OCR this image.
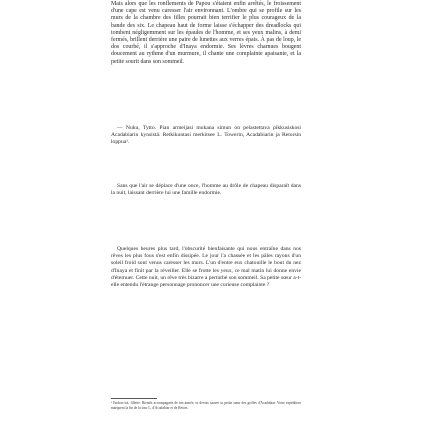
Mais alors que les ronflements de Papou s'étaient enfin arrêtés, le froissement d'une cape est venu caresser l'air environnant. L'ombre qui se profile sur les murs de la chambre des filles pourrait bien terrifier le plus courageux de la bande des six. Le chapeau haut de forme laisse s'échapper des dreadlocks qui tombent négligemment sur les épaules de l'homme, et ses yeux malins, à demi fermés, brillent derrière une paire de lunettes aux verres épais. À pas de loup, le dos courbé, il s'approche d'Inaya endormie. Ses lèvres charnues bougent doucement au rythme d'un murmure, il chante une complainte apaisante, et la petite sourit dans son sommeil.

— Nuku, Tytto. Pian armeijasi mukana simun on pelastettava pikkusiskosi Acadabiarin kynsistä. Retkikuntasi merkitsee L. Towerin, Acadabiarin ja Retorsin loppua¹.

Sans que l'air se déplace d'une once, l'homme au drôle de chapeau disparaît dans la nuit, laissant derrière lui une famille endormie.

Quelques heures plus tard, l'obscurité bienfaisante qui nous entraîne dans nos rêves les plus fous s'est enfin dissipée. Le jour l'a chassée et les pâles rayons d'un soleil froid sont venus caresser les murs. L'un d'entre eux chatouille le bout du nez d'Inaya et finit par la réveiller. Elle se frotte les yeux, ce mal matin lui donne envie d'éternuer. Cette nuit, un rêve très bizarre a perturbé son sommeil. Sa petite sœur a-t-elle entendu l'étrange personnage prononcer une curieuse complainte ?

¹ Endors-toi, fillette. Bientôt accompagnée de ton armée, tu devras sauver ta petite sœur des griffes d'Acadabiar. Votre expédition marquera la fin de la tour L, d'Acadabiar et de Retors.
